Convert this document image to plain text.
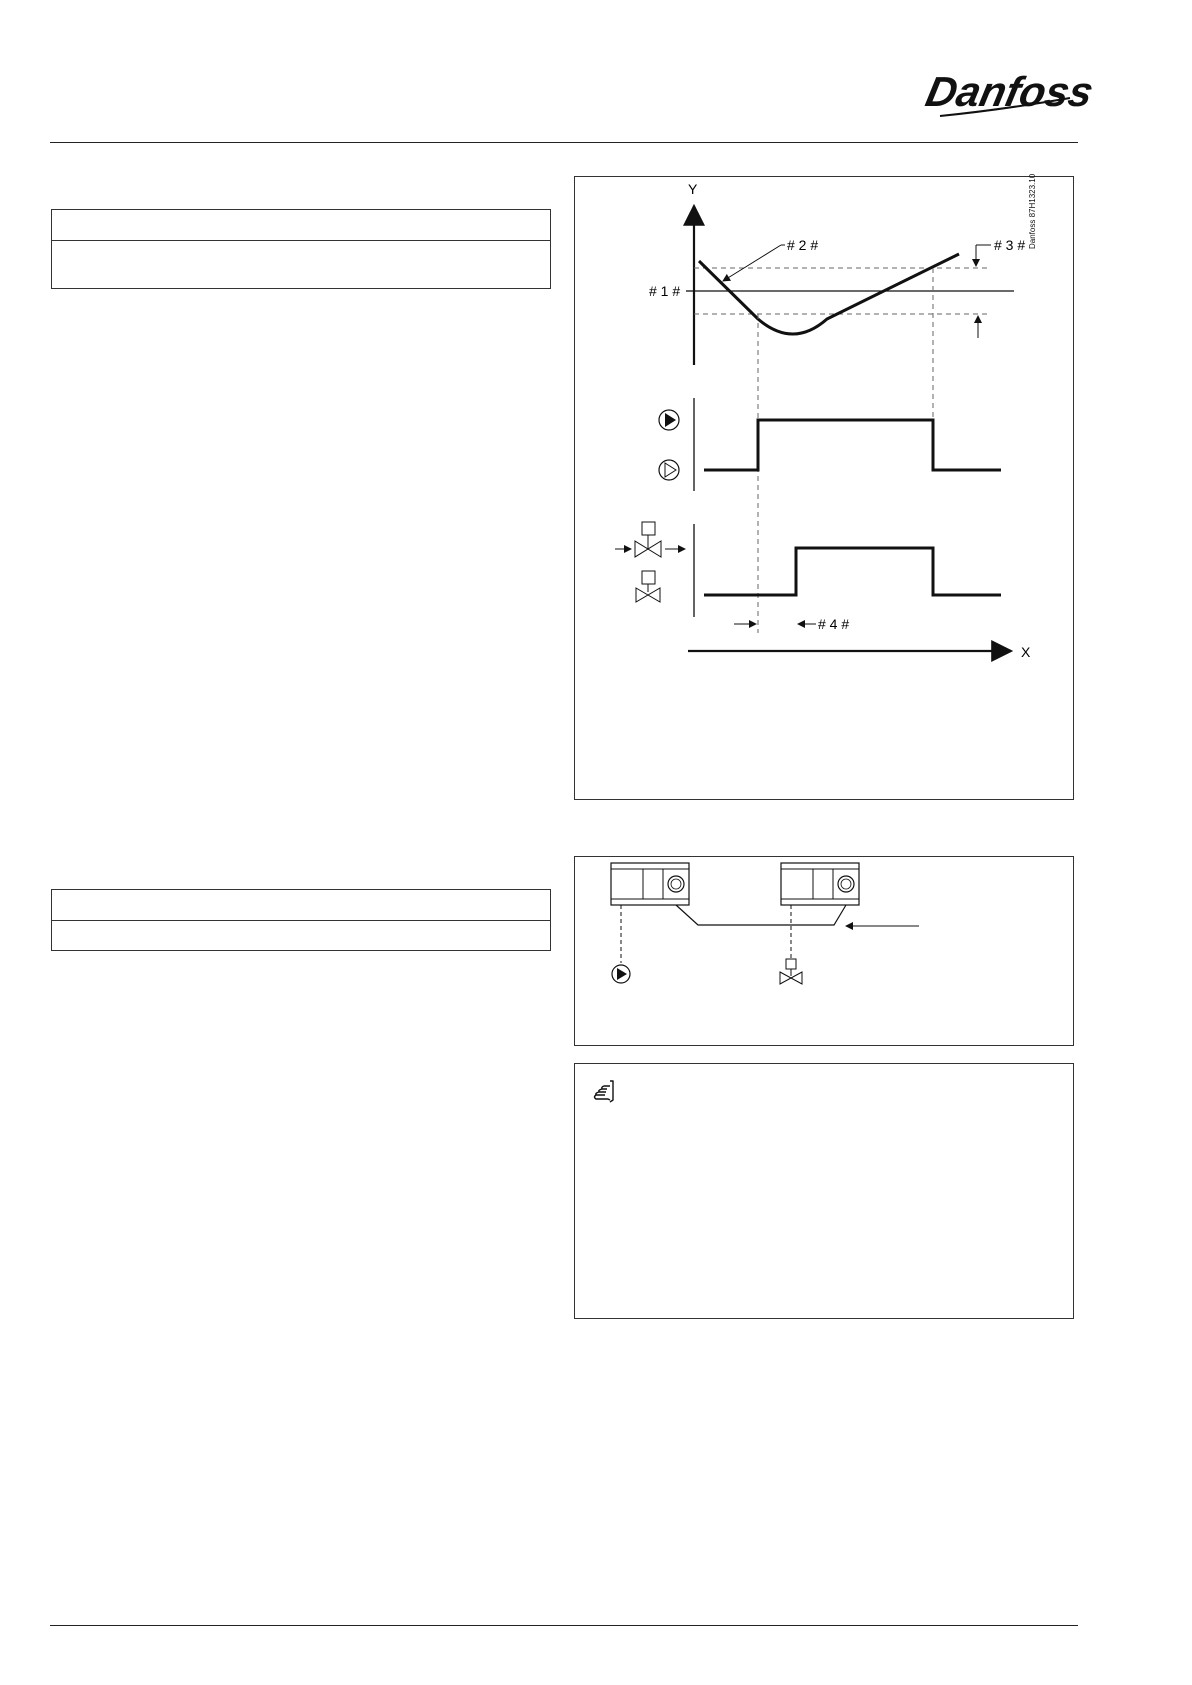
Danfoss
Danfoss 87H1323.10
Y
# 1 #
# 2 #	# 3 #
# 4 #
X
